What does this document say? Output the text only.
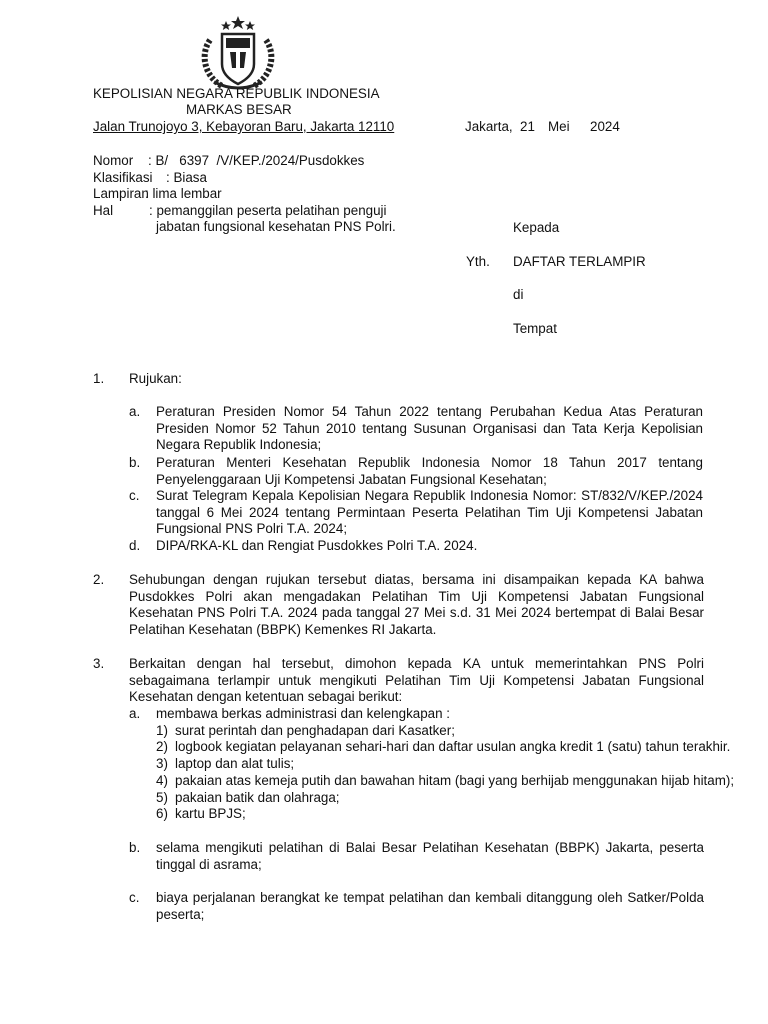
KEPOLISIAN NEGARA REPUBLIK INDONESIA
MARKAS BESAR
Jalan Trunojoyo 3, Kebayoran Baru, Jakarta 12110	Jakarta, 21 Mei 2024
Nomor : B/   6397  /V/KEP./2024/Pusdokkes
Klasifikasi : Biasa
Lampiran
: lima lembar
Hal	: pemanggilan peserta pelatihan penguji
jabatan fungsional kesehatan PNS Polri.	Kepada
Yth. DAFTAR TERLAMPIR
di
Tempat
1. Rujukan:
a. Peraturan Presiden Nomor 54 Tahun 2022 tentang Perubahan Kedua Atas Peraturan Presiden Nomor 52 Tahun 2010 tentang Susunan Organisasi dan Tata Kerja Kepolisian Negara Republik Indonesia;
b. Peraturan Menteri Kesehatan Republik Indonesia Nomor 18 Tahun 2017 tentang Penyelenggaraan Uji Kompetensi Jabatan Fungsional Kesehatan;
c. Surat Telegram Kepala Kepolisian Negara Republik Indonesia Nomor: ST/832/V/KEP./2024 tanggal 6 Mei 2024 tentang Permintaan Peserta Pelatihan Tim Uji Kompetensi Jabatan Fungsional PNS Polri T.A. 2024;
d. DIPA/RKA-KL dan Rengiat Pusdokkes Polri T.A. 2024.
2. Sehubungan dengan rujukan tersebut diatas, bersama ini disampaikan kepada KA bahwa Pusdokkes Polri akan mengadakan Pelatihan Tim Uji Kompetensi Jabatan Fungsional Kesehatan PNS Polri T.A. 2024 pada tanggal 27 Mei s.d. 31 Mei 2024 bertempat di Balai Besar Pelatihan Kesehatan (BBPK) Kemenkes RI Jakarta.
3. Berkaitan dengan hal tersebut, dimohon kepada KA untuk memerintahkan PNS Polri sebagaimana terlampir untuk mengikuti Pelatihan Tim Uji Kompetensi Jabatan Fungsional Kesehatan dengan ketentuan sebagai berikut:
a. membawa berkas administrasi dan kelengkapan :
1) surat perintah dan penghadapan dari Kasatker;
2) logbook kegiatan pelayanan sehari-hari dan daftar usulan angka kredit 1 (satu) tahun terakhir.
3) laptop dan alat tulis;
4) pakaian atas kemeja putih dan bawahan hitam (bagi yang berhijab menggunakan hijab hitam);
5) pakaian batik dan olahraga;
6) kartu BPJS;
b. selama mengikuti pelatihan di Balai Besar Pelatihan Kesehatan (BBPK) Jakarta, peserta tinggal di asrama;
c. biaya perjalanan berangkat ke tempat pelatihan dan kembali ditanggung oleh Satker/Polda peserta;
